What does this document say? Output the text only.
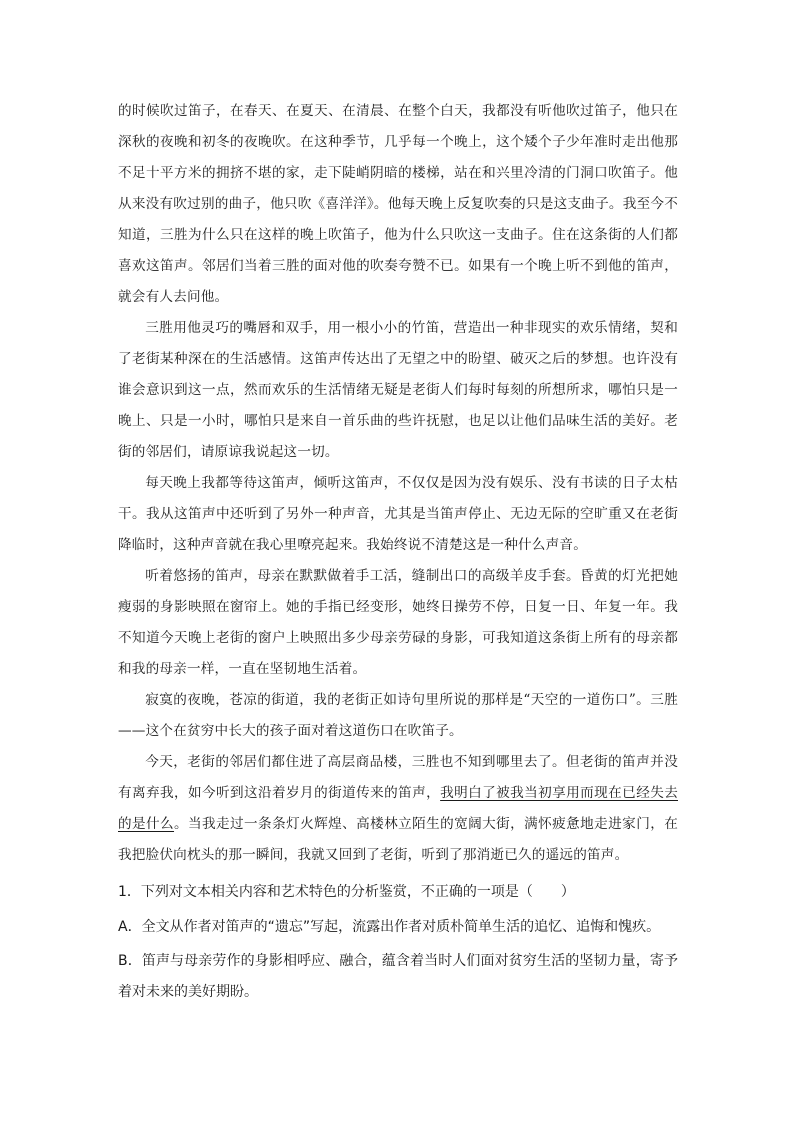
的时候吹过笛子，在春天、在夏天、在清晨、在整个白天，我都没有听他吹过笛子，他只在深秋的夜晚和初冬的夜晚吹。在这种季节，几乎每一个晚上，这个矮个子少年准时走出他那不足十平方米的拥挤不堪的家，走下陡峭阴暗的楼梯，站在和兴里冷清的门洞口吹笛子。他从来没有吹过别的曲子，他只吹《喜洋洋》。他每天晚上反复吹奏的只是这支曲子。我至今不知道，三胜为什么只在这样的晚上吹笛子，他为什么只吹这一支曲子。住在这条街的人们都喜欢这笛声。邻居们当着三胜的面对他的吹奏夸赞不已。如果有一个晚上听不到他的笛声，就会有人去问他。

三胜用他灵巧的嘴唇和双手，用一根小小的竹笛，营造出一种非现实的欢乐情绪，契和了老街某种深在的生活感情。这笛声传达出了无望之中的盼望、破灭之后的梦想。也许没有谁会意识到这一点，然而欢乐的生活情绪无疑是老街人们每时每刻的所想所求，哪怕只是一晚上、只是一小时，哪怕只是来自一首乐曲的些许抚慰，也足以让他们品味生活的美好。老街的邻居们，请原谅我说起这一切。

每天晚上我都等待这笛声，倾听这笛声，不仅仅是因为没有娱乐、没有书读的日子太枯干。我从这笛声中还听到了另外一种声音，尤其是当笛声停止、无边无际的空旷重又在老街降临时，这种声音就在我心里嘹亮起来。我始终说不清楚这是一种什么声音。

听着悠扬的笛声，母亲在默默做着手工活，缝制出口的高级羊皮手套。昏黄的灯光把她瘦弱的身影映照在窗帘上。她的手指已经变形，她终日操劳不停，日复一日、年复一年。我不知道今天晚上老街的窗户上映照出多少母亲劳碌的身影，可我知道这条街上所有的母亲都和我的母亲一样，一直在坚韧地生活着。

寂寞的夜晚，苍凉的街道，我的老街正如诗句里所说的那样是“天空的一道伤口”。三胜——这个在贫穷中长大的孩子面对着这道伤口在吹笛子。

今天，老街的邻居们都住进了高层商品楼，三胜也不知到哪里去了。但老街的笛声并没有离弃我，如今听到这沿着岁月的街道传来的笛声，我明白了被我当初享用而现在已经失去的是什么。当我走过一条条灯火辉煌、高楼林立陌生的宽阔大街，满怀疲惫地走进家门，在我把脸伏向枕头的那一瞬间，我就又回到了老街，听到了那消逝已久的遥远的笛声。

1．下列对文本相关内容和艺术特色的分析鉴赏，不正确的一项是（　　）

A．全文从作者对笛声的“遗忘”写起，流露出作者对质朴简单生活的追忆、追悔和愧疚。

B．笛声与母亲劳作的身影相呼应、融合，蕴含着当时人们面对贫穷生活的坚韧力量，寄予着对未来的美好期盼。
